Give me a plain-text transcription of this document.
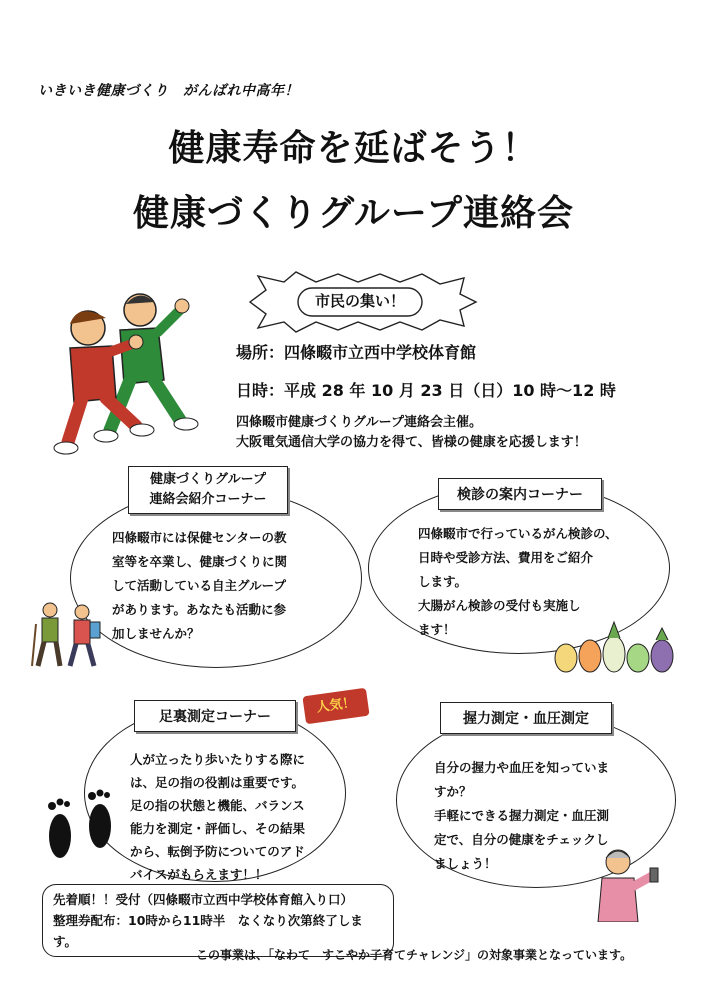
いきいき健康づくり　がんばれ中高年！
健康寿命を延ばそう！
健康づくりグループ連絡会
市民の集い！
場所：四條畷市立西中学校体育館
日時：平成 28 年 10 月 23 日（日）10 時〜12 時
四條畷市健康づくりグループ連絡会主催。
大阪電気通信大学の協力を得て、皆様の健康を応援します！
健康づくりグループ
連絡会紹介コーナー
四條畷市には保健センターの教
室等を卒業し、健康づくりに関
して活動している自主グループ
があります。あなたも活動に参
加しませんか？
検診の案内コーナー
四條畷市で行っているがん検診の、
日時や受診方法、費用をご紹介
します。
大腸がん検診の受付も実施し
ます！
足裏測定コーナー
人気！
人が立ったり歩いたりする際に
は、足の指の役割は重要です。
足の指の状態と機能、バランス
能力を測定・評価し、その結果
から、転倒予防についてのアド
バイスがもらえます！！
握力測定・血圧測定
自分の握力や血圧を知っていま
すか？
手軽にできる握力測定・血圧測
定で、自分の健康をチェックし
ましょう！
先着順！！受付（四條畷市立西中学校体育館入り口）
整理券配布：10時から11時半　なくなり次第終了します。
この事業は、「なわて　すこやか子育てチャレンジ」の対象事業となっています。
